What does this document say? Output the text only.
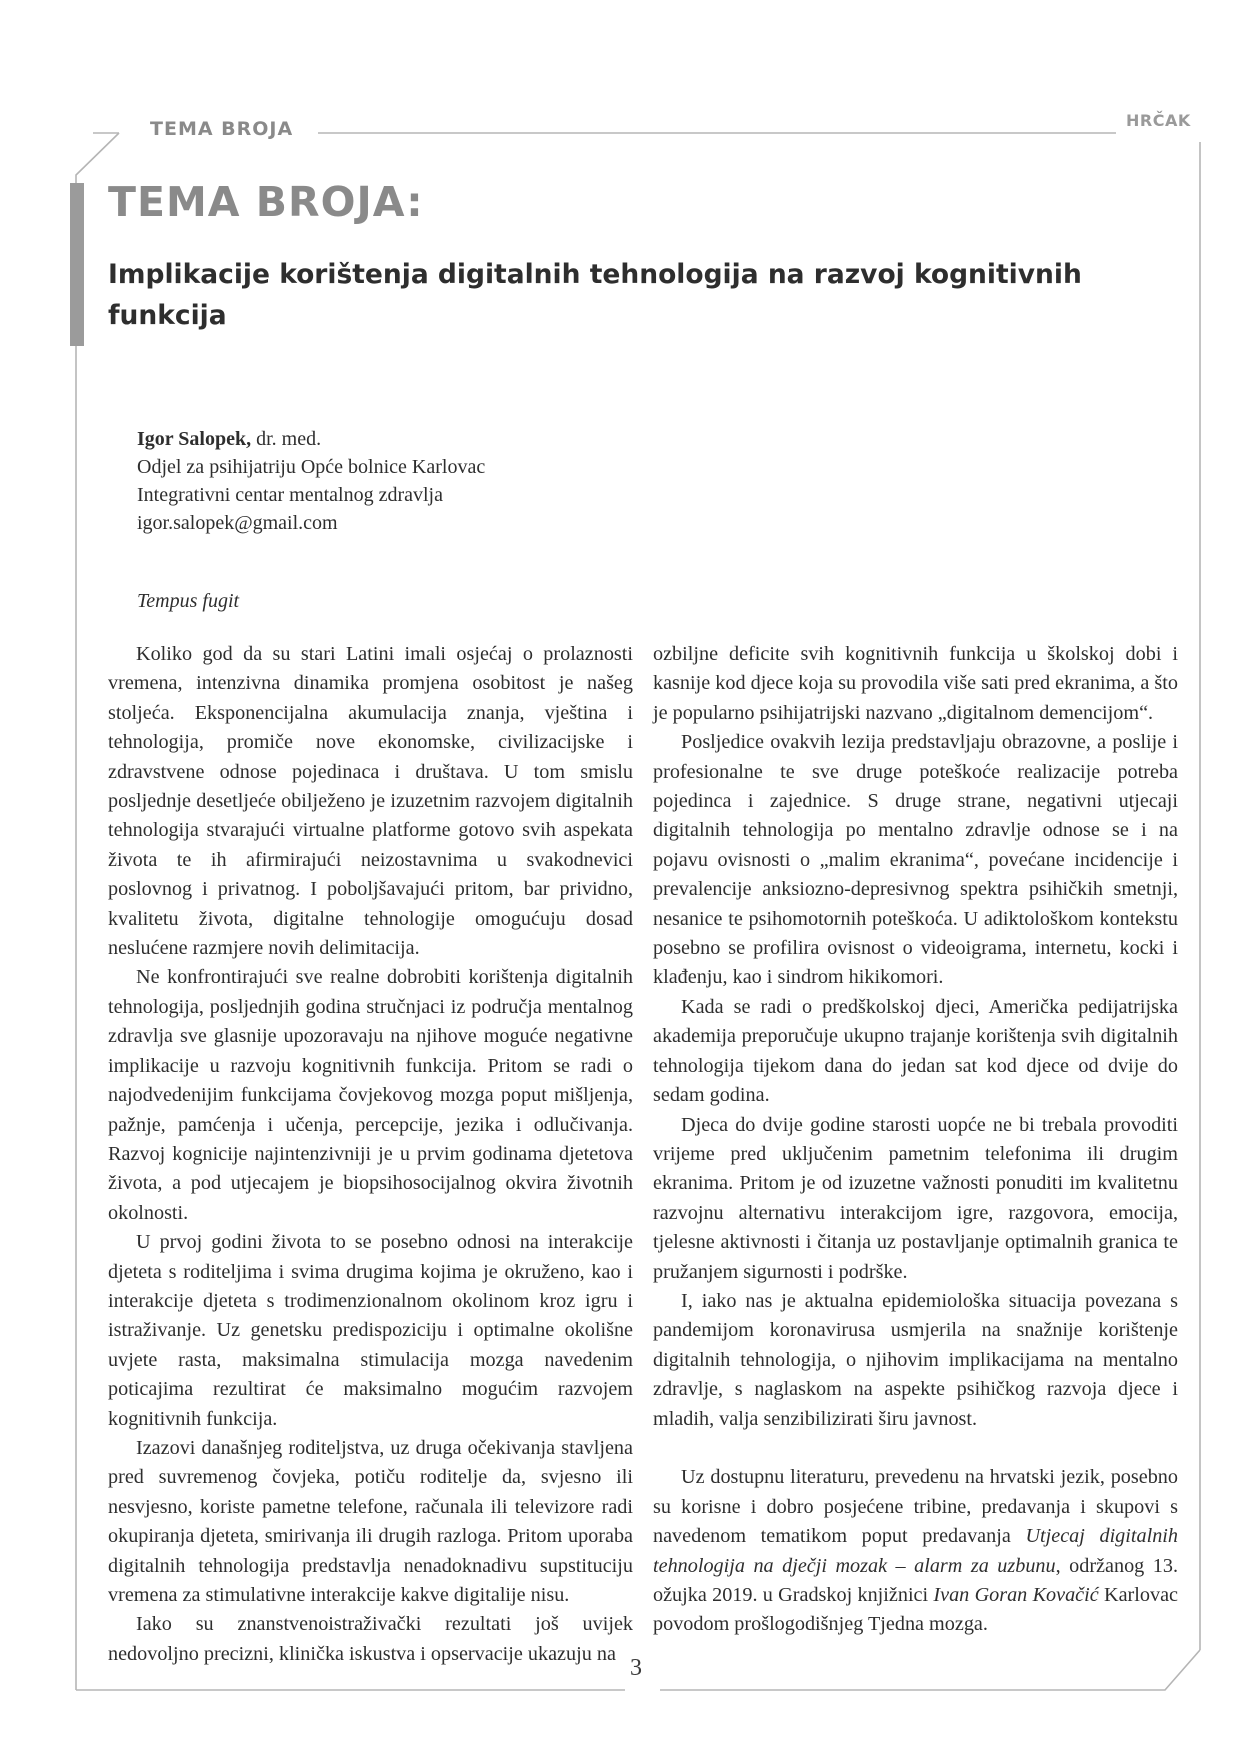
TEMA BROJA	HRČAK
TEMA BROJA:
Implikacije korištenja digitalnih tehnologija na razvoj kognitivnih funkcija
Igor Salopek, dr. med.
Odjel za psihijatriju Opće bolnice Karlovac
Integrativni centar mentalnog zdravlja
igor.salopek@gmail.com
Tempus fugit

Koliko god da su stari Latini imali osjećaj o prolaznosti vremena, intenzivna dinamika promjena osobitost je našeg stoljeća. Eksponencijalna akumulacija znanja, vještina i tehnologija, promiče nove ekonomske, civilizacijske i zdravstvene odnose pojedinaca i društava. U tom smislu posljednje desetljeće obilježeno je izuzetnim razvojem digitalnih tehnologija stvarajući virtualne platforme gotovo svih aspekata života te ih afirmirajući neizostavnima u svakodnevici poslovnog i privatnog. I poboljšavajući pritom, bar prividno, kvalitetu života, digitalne tehnologije omogućuju dosad neslućene razmjere novih delimitacija.

Ne konfrontirajući sve realne dobrobiti korištenja digitalnih tehnologija, posljednjih godina stručnjaci iz područja mentalnog zdravlja sve glasnije upozoravaju na njihove moguće negativne implikacije u razvoju kognitivnih funkcija. Pritom se radi o najodvedenijim funkcijama čovjekovog mozga poput mišljenja, pažnje, pamćenja i učenja, percepcije, jezika i odlučivanja. Razvoj kognicije najintenzivniji je u prvim godinama djetetova života, a pod utjecajem je biopsihosocijalnog okvira životnih okolnosti.

U prvoj godini života to se posebno odnosi na interakcije djeteta s roditeljima i svima drugima kojima je okruženo, kao i interakcije djeteta s trodimenzionalnom okolinom kroz igru i istraživanje. Uz genetsku predispoziciju i optimalne okolišne uvjete rasta, maksimalna stimulacija mozga navedenim poticajima rezultirat će maksimalno mogućim razvojem kognitivnih funkcija.

Izazovi današnjeg roditeljstva, uz druga očekivanja stavljena pred suvremenog čovjeka, potiču roditelje da, svjesno ili nesvjesno, koriste pametne telefone, računala ili televizore radi okupiranja djeteta, smirivanja ili drugih razloga. Pritom uporaba digitalnih tehnologija predstavlja nenadoknadivu supstituciju vremena za stimulativne interakcije kakve digitalije nisu.

Iako su znanstvenoistraživački rezultati još uvijek nedovoljno precizni, klinička iskustva i opservacije ukazuju na

ozbiljne deficite svih kognitivnih funkcija u školskoj dobi i kasnije kod djece koja su provodila više sati pred ekranima, a što je popularno psihijatrijski nazvano „digitalnom demencijom“.

Posljedice ovakvih lezija predstavljaju obrazovne, a poslije i profesionalne te sve druge poteškoće realizacije potreba pojedinca i zajednice. S druge strane, negativni utjecaji digitalnih tehnologija po mentalno zdravlje odnose se i na pojavu ovisnosti o „malim ekranima“, povećane incidencije i prevalencije anksiozno-depresivnog spektra psihičkih smetnji, nesanice te psihomotornih poteškoća. U adiktološkom kontekstu posebno se profilira ovisnost o videoigrama, internetu, kocki i klađenju, kao i sindrom hikikomori.

Kada se radi o predškolskoj djeci, Američka pedijatrijska akademija preporučuje ukupno trajanje korištenja svih digitalnih tehnologija tijekom dana do jedan sat kod djece od dvije do sedam godina.

Djeca do dvije godine starosti uopće ne bi trebala provoditi vrijeme pred uključenim pametnim telefonima ili drugim ekranima. Pritom je od izuzetne važnosti ponuditi im kvalitetnu razvojnu alternativu interakcijom igre, razgovora, emocija, tjelesne aktivnosti i čitanja uz postavljanje optimalnih granica te pružanjem sigurnosti i podrške.

I, iako nas je aktualna epidemiološka situacija povezana s pandemijom koronavirusa usmjerila na snažnije korištenje digitalnih tehnologija, o njihovim implikacijama na mentalno zdravlje, s naglaskom na aspekte psihičkog razvoja djece i mladih, valja senzibilizirati širu javnost.

Uz dostupnu literaturu, prevedenu na hrvatski jezik, posebno su korisne i dobro posjećene tribine, predavanja i skupovi s navedenom tematikom poput predavanja Utjecaj digitalnih tehnologija na dječji mozak – alarm za uzbunu, održanog 13. ožujka 2019. u Gradskoj knjižnici Ivan Goran Kovačić Karlovac povodom prošlogodišnjeg Tjedna mozga.

3
